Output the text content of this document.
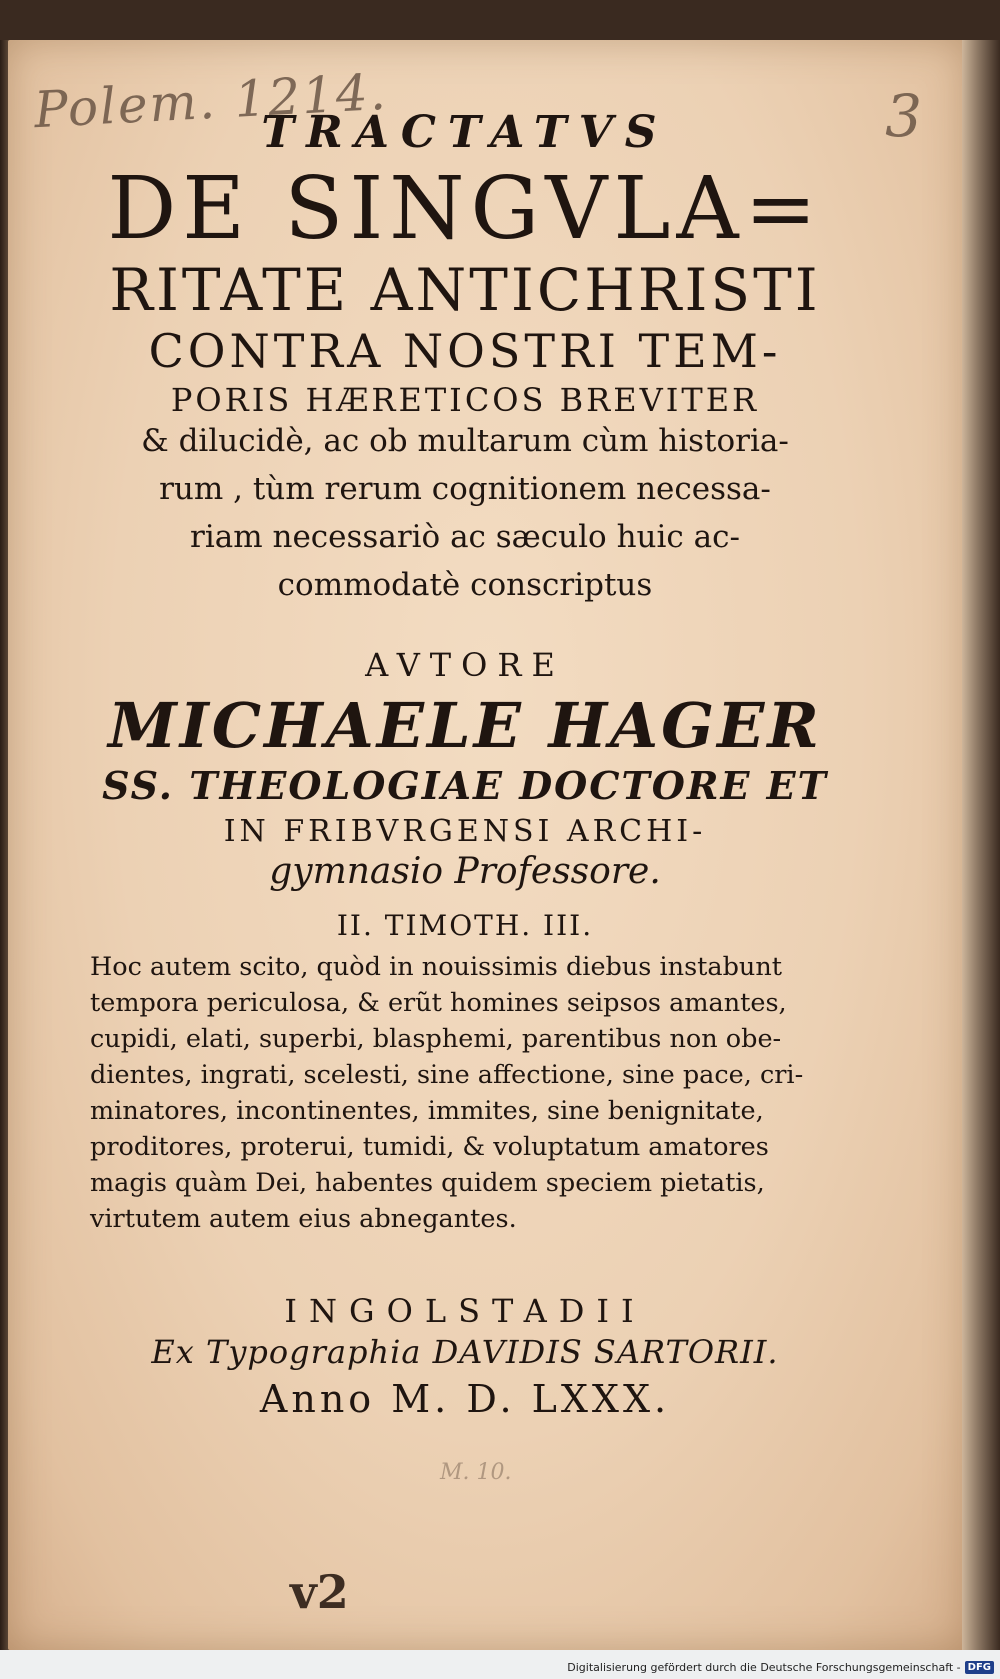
Polem. 1214.	3
M. 10.
v2

TRACTATVS

DE SINGVLA=

RITATE ANTICHRISTI

CONTRA NOSTRI TEM-

PORIS HÆRETICOS BREVITER

& dilucidè, ac ob multarum cùm historia-

rum , tùm rerum cognitionem necessa-

riam necessariò ac sæculo huic ac-

commodatè conscriptus

AVTORE

MICHAELE HAGER

SS. THEOLOGIAE DOCTORE ET

IN FRIBVRGENSI ARCHI-

gymnasio Professore.

II. TIMOTH. III.

Hoc autem scito, quòd in nouissimis diebus instabunt
tempora periculosa, & erũt homines seipsos amantes,
cupidi, elati, superbi, blasphemi, parentibus non obe-
dientes, ingrati, scelesti, sine affectione, sine pace, cri-
minatores, incontinentes, immites, sine benignitate,
proditores, proterui, tumidi, & voluptatum amatores
magis quàm Dei, habentes quidem speciem pietatis,
virtutem autem eius abnegantes.

INGOLSTADII

Ex Typographia DAVIDIS SARTORII.

Anno M. D. LXXX.

Digitalisierung gefördert durch die Deutsche Forschungsgemeinschaft - DFG
